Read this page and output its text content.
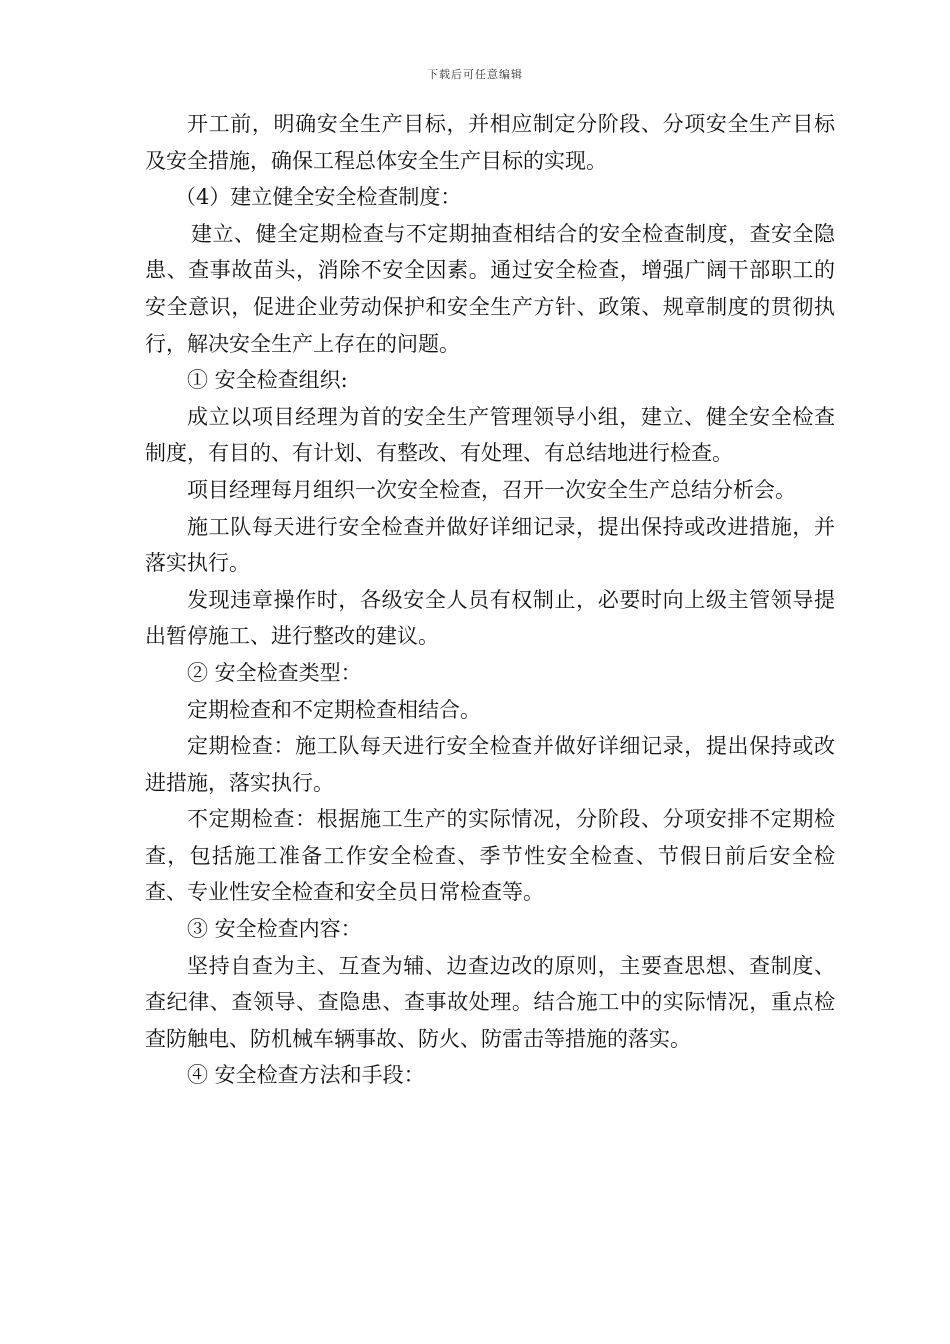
下载后可任意编辑

开工前，明确安全生产目标，并相应制定分阶段、分项安全生产目标及安全措施，确保工程总体安全生产目标的实现。

（4）建立健全安全检查制度：

建立、健全定期检查与不定期抽查相结合的安全检查制度，查安全隐患、查事故苗头，消除不安全因素。通过安全检查，增强广阔干部职工的安全意识，促进企业劳动保护和安全生产方针、政策、规章制度的贯彻执行，解决安全生产上存在的问题。

① 安全检查组织:

成立以项目经理为首的安全生产管理领导小组，建立、健全安全检查制度，有目的、有计划、有整改、有处理、有总结地进行检查。

项目经理每月组织一次安全检查，召开一次安全生产总结分析会。

施工队每天进行安全检查并做好详细记录，提出保持或改进措施，并落实执行。

发现违章操作时，各级安全人员有权制止，必要时向上级主管领导提出暂停施工、进行整改的建议。

② 安全检查类型：

定期检查和不定期检查相结合。

定期检查：施工队每天进行安全检查并做好详细记录，提出保持或改进措施，落实执行。

不定期检查：根据施工生产的实际情况，分阶段、分项安排不定期检查，包括施工准备工作安全检查、季节性安全检查、节假日前后安全检查、专业性安全检查和安全员日常检查等。

③ 安全检查内容：

坚持自查为主、互查为辅、边查边改的原则，主要查思想、查制度、查纪律、查领导、查隐患、查事故处理。结合施工中的实际情况，重点检查防触电、防机械车辆事故、防火、防雷击等措施的落实。

④ 安全检查方法和手段：
